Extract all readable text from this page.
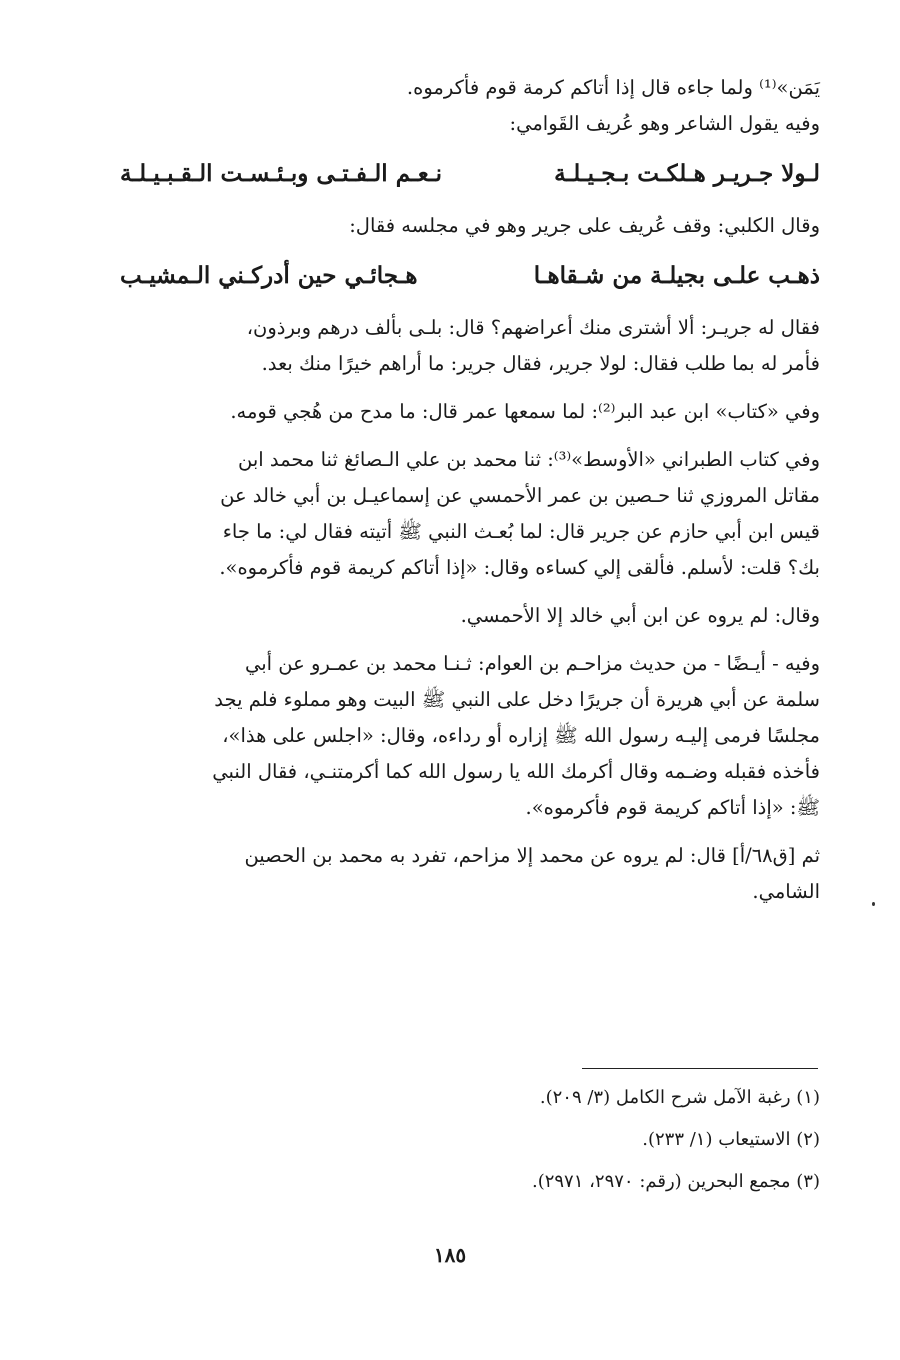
يَمَن»⁽¹⁾ ولما جاءه قال إذا أتاكم كرمة قوم فأكرموه.
وفيه يقول الشاعر وهو عُريف القَوامي:
لـولا جـريـر هـلكـت بـجـيـلـة
نـعـم الـفـتـى وبـئـسـت الـقـبـيـلـة
وقال الكلبي: وقف عُريف على جرير وهو في مجلسه فقال:
ذهـب علـى بجيلـة من شـقاهـا
هـجائـي حين أدركـني الـمشيـب
فقال له جريـر: ألا أشترى منك أعراضهم؟ قال: بلـى بألف درهم وبرذون،
فأمر له بما طلب فقال: لولا جرير، فقال جرير: ما أراهم خيرًا منك بعد.
وفي «كتاب» ابن عبد البر⁽²⁾: لما سمعها عمر قال: ما مدح من هُجي قومه.
وفي كتاب الطبراني «الأوسط»⁽³⁾: ثنا محمد بن علي الـصائغ ثنا محمد ابن
مقاتل المروزي ثنا حـصين بن عمر الأحمسي عن إسماعيـل بن أبي خالد عن
قيس ابن أبي حازم عن جرير قال: لما بُعـث النبي ﷺ أتيته فقال لي: ما جاء
بك؟ قلت: لأسلم. فألقى إلي كساءه وقال: «إذا أتاكم كريمة قوم فأكرموه».
وقال: لم يروه عن ابن أبي خالد إلا الأحمسي.
وفيه - أيـضًا - من حديث مزاحـم بن العوام: ثـنـا محمد بن عمـرو عن أبي
سلمة عن أبي هريرة أن جريرًا دخل على النبي ﷺ البيت وهو مملوء فلم يجد
مجلسًا فرمى إليـه رسول الله ﷺ إزاره أو رداءه، وقال: «اجلس على هذا»،
فأخذه فقبله وضـمه وقال أكرمك الله يا رسول الله كما أكرمتنـي، فقال النبي
ﷺ: «إذا أتاكم كريمة قوم فأكرموه».
ثم [ق٦٨/أ] قال: لم يروه عن محمد إلا مزاحم، تفرد به محمد بن الحصين
الشامي.
(١) رغبة الآمل شرح الكامل (٣/ ٢٠٩).
(٢) الاستيعاب (١/ ٢٣٣).
(٣) مجمع البحرين (رقم: ٢٩٧٠، ٢٩٧١).
١٨٥
